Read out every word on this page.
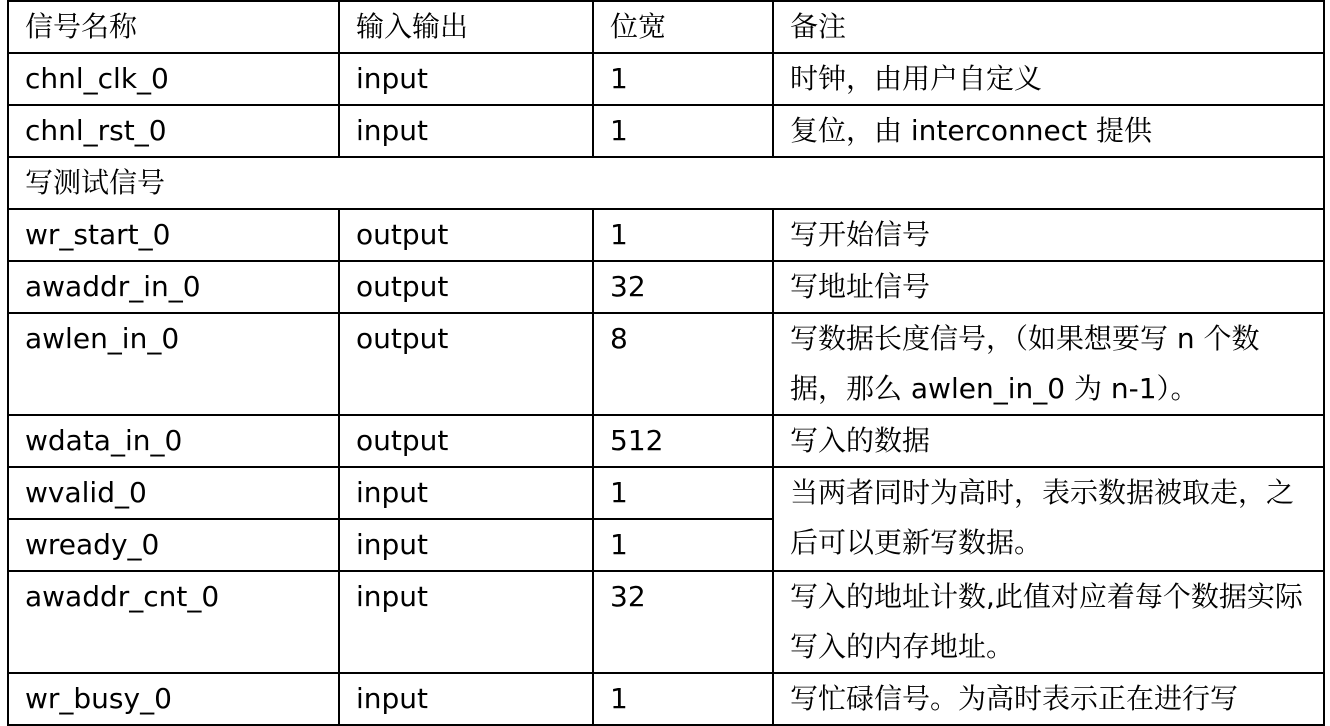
信号名称	输入输出	位宽	备注
chnl_clk_0	input	1	时钟，由用户自定义
chnl_rst_0	input	1	复位，由 interconnect 提供
写测试信号			
wr_start_0	output	1	写开始信号
awaddr_in_0	output	32	写地址信号
awlen_in_0	output	8	写数据长度信号，（如果想要写 n 个数据，那么 awlen_in_0 为 n-1）。
wdata_in_0	output	512	写入的数据
wvalid_0	input	1	当两者同时为高时，表示数据被取走，之后可以更新写数据。
wready_0	input	1	
awaddr_cnt_0	input	32	写入的地址计数,此值对应着每个数据实际写入的内存地址。
wr_busy_0	input	1	写忙碌信号。为高时表示正在进行写
